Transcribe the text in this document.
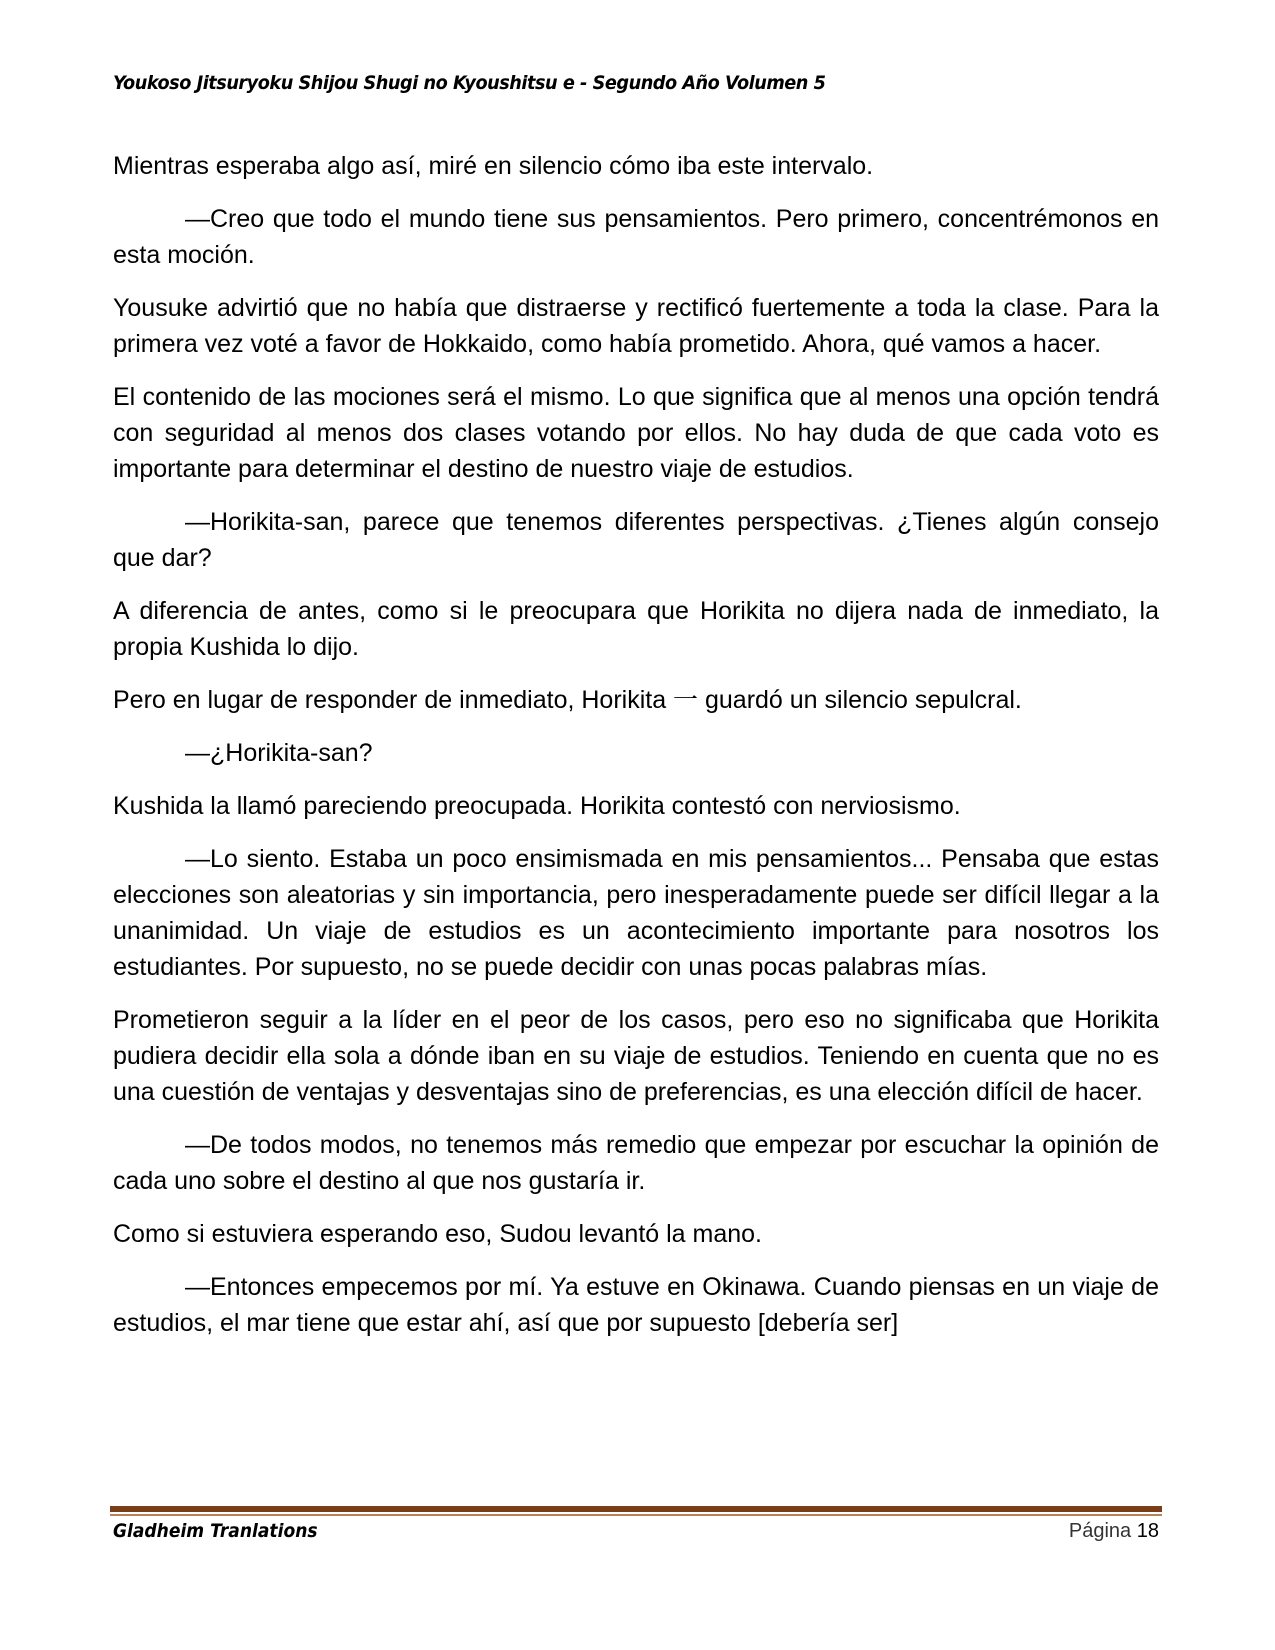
Youkoso Jitsuryoku Shijou Shugi no Kyoushitsu e - Segundo Año Volumen 5

Mientras esperaba algo así, miré en silencio cómo iba este intervalo.

—Creo que todo el mundo tiene sus pensamientos. Pero primero, concentrémonos en esta moción.

Yousuke advirtió que no había que distraerse y rectificó fuertemente a toda la clase. Para la primera vez voté a favor de Hokkaido, como había prometido. Ahora, qué vamos a hacer.

El contenido de las mociones será el mismo. Lo que significa que al menos una opción tendrá con seguridad al menos dos clases votando por ellos. No hay duda de que cada voto es importante para determinar el destino de nuestro viaje de estudios.

—Horikita-san, parece que tenemos diferentes perspectivas. ¿Tienes algún consejo que dar?

A diferencia de antes, como si le preocupara que Horikita no dijera nada de inmediato, la propia Kushida lo dijo.

Pero en lugar de responder de inmediato, Horikita 一 guardó un silencio sepulcral.

—¿Horikita-san?

Kushida la llamó pareciendo preocupada. Horikita contestó con nerviosismo.

—Lo siento. Estaba un poco ensimismada en mis pensamientos... Pensaba que estas elecciones son aleatorias y sin importancia, pero inesperadamente puede ser difícil llegar a la unanimidad. Un viaje de estudios es un acontecimiento importante para nosotros los estudiantes. Por supuesto, no se puede decidir con unas pocas palabras mías.

Prometieron seguir a la líder en el peor de los casos, pero eso no significaba que Horikita pudiera decidir ella sola a dónde iban en su viaje de estudios. Teniendo en cuenta que no es una cuestión de ventajas y desventajas sino de preferencias, es una elección difícil de hacer.

—De todos modos, no tenemos más remedio que empezar por escuchar la opinión de cada uno sobre el destino al que nos gustaría ir.

Como si estuviera esperando eso, Sudou levantó la mano.

—Entonces empecemos por mí. Ya estuve en Okinawa. Cuando piensas en un viaje de estudios, el mar tiene que estar ahí, así que por supuesto [debería ser]

Gladheim Tranlations	Página 18
